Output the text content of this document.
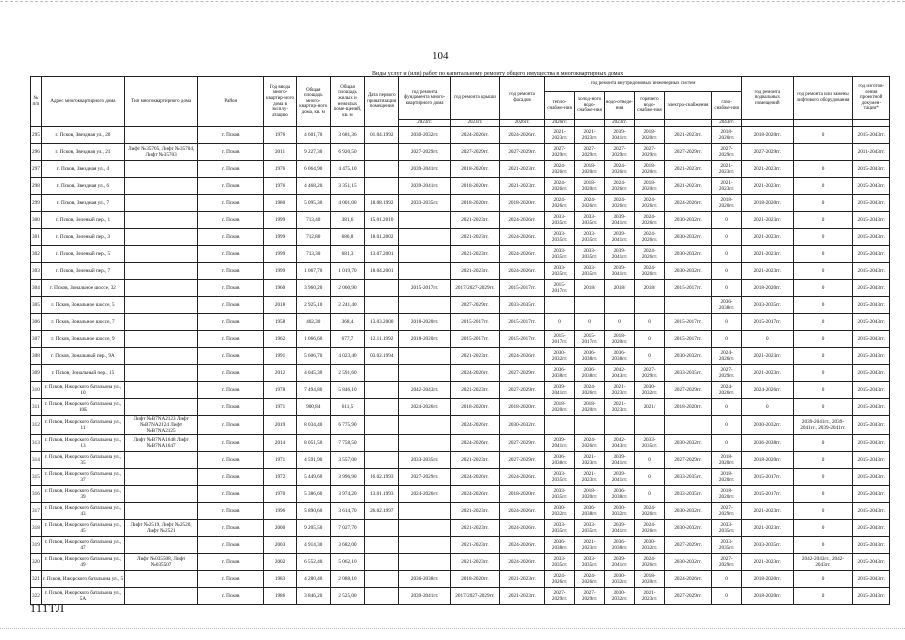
104
Виды услуг и (или) работ по капитальному ремонту общего имущества в многоквартирных домах
№ п/п	Адрес многоквартирного дома	Тип многоквартирного дома	Район	Год ввода много-квартир-ного дома в эксплу-атацию	Общая площадь много-квартир-ного дома, кв. м	Общая площадь жилых и нежилых поме-щений, кв. м	Дата первого приватизации помещения	год ремонта фундамента много-квартирного дома	год ремонта крыши	год ремонта фасадов	год ремонта внутридомовых инженерных систем						год ремонта подвальных помещений	год ремонта или замены лифтового оборудования	год изготов-ления проектной докумен-тации*
											тепло-снабже-ния	холод-ного водо-снабже-ния	водо-отведе-ния	горячего водо-снабже-ния	электро-снабжения	газо-снабже-ния			
								2023гг.	2023гг.	2026гг.	2026гг.		2023гг.			2043гг.			
295	г. Псков, Звездная ул., 20		г. Псков	1976	4 601,70	3 681,36	01.04.1992	2030-2032гг.	2024-2026гг.	2024-2026гг.	2021-2023гг.	2021-2023гг.	2039-2041гг.	2018-2020гг.	2021-2023гг.	2018-2020гг.	2018-2020гг.	0	2015-2043гг.
296	г. Псков, Звездная ул., 21	Лифт №35705, Лифт №35704, Лифт №35703	г. Псков	2011	9 227,30	6 920,50		2027-2029гг.	2027-2029гг.	2027-2029гг.	2027-2029гг.	2027-2029гг.	2027-2029гг.	2027-2029гг.	2027-2029гг.	2027-2029гг.	2027-2029гг.		2011-2043гг.
297	г. Псков, Звездная ул., 4		г. Псков	1976	6 064,90	4 475,10		2039-2041гг.	2018-2020гг.	2021-2023гг.	2024-2026гг.	2018-2020гг.	2024-2026гг.	2018-2020гг.	2021-2023гг.	2021-2023гг.	2021-2023гг.	0	2015-2043гг.
298	г. Псков, Звездная ул., 6		г. Псков	1976	4 468,20	3 351,15		2039-2041гг.	2018-2020гг.	2021-2023гг.	2024-2026гг.	2018-2020гг.	2024-2026гг.	2018-2020гг.	2021-2023гг.	2021-2023гг.	2021-2023гг.	0	2015-2043гг.
299	г. Псков, Звездная ул., 7		г. Псков	1980	5 095,30	4 001,00	18.08.1992	2033-2035гг.	2018-2020гг.	2018-2020гг.	2024-2026гг.	2024-2026гг.	2024-2026гг.	2024-2026гг.	2024-2026гг.	2018-2020гг.	2018-2020гг.	0	2015-2043гг.
300	г. Псков, Зеленый пер., 1		г. Псков	1999	713,40	381,6	15.01.2010		2021-2023гг.	2024-2026гг.	2033-2035гг.	2033-2035гг.	2039-2041гг.	2024-2026гг.	2030-2032гг.	0	2021-2023гг.	0	2015-2043гг.
301	г. Псков, Зеленый пер., 3		г. Псков	1999	712,80	680,8	18.01.2002		2021-2023гг.	2024-2026гг.	2033-2035гг.	2033-2035гг.	2039-2041гг.	2024-2026гг.	2030-2032гг.	0	2021-2023гг.	0	2015-2043гг.
302	г. Псков, Зеленый пер., 5		г. Псков	1999	713,30	681,3	13.07.2001		2021-2023гг.	2024-2026гг.	2033-2035гг.	2033-2035гг.	2039-2041гг.	2024-2026гг.	2030-2032гг.	0	2021-2023гг.	0	2015-2043гг.
303	г. Псков, Зеленый пер., 7		г. Псков	1999	1 067,70	1 019,70	18.04.2001		2021-2023гг.	2024-2026гг.	2033-2035гг.	2033-2035гг.	2039-2041гг.	2024-2026гг.	2030-2032гг.	0	2021-2023гг.	0	2015-2043гг.
304	г. Псков, Зональное шоссе, 32		г. Псков	1960	3 960,20	2 000,90		2015-2017гг.	2017/2027-2029гг.	2015-2017гг.	2015-2017гг.	2018/	2018/	2018/	2015-2017гг.	0	2018-2020гг.	0	2015-2043гг.
305	г. Псков, Зональное шоссе, 5		г. Псков	2018	2 925,10	2 241,40			2027-2029гг.	2033-2035гг.						2036-2038гг.	2033-2035гг.	0	2015-2043гг.
306	г. Псков, Зональное шоссе, 7		г. Псков	1958	402,30	368,4	13.03.2000	2018-2020гг.	2015-2017гг.	2015-2017гг.	0	0	0	0	2015-2017гг.	0	2015-2017гг.	0	2015-2043гг.
307	г. Псков, Зональное шоссе, 9		г. Псков	1962	1 066,60	677,7	12.11.1992	2018-2020гг.	2015-2017гг.	2015-2017гг.	2015-2017гг.	2015-2017гг.	2018-2020гг.	0	2015-2017гг.	0	0	0	2015-2043гг.
308	г. Псков, Зональный пер., 9А		г. Псков	1991	5 606,70	4 023,40	03.02.1994		2021-2023гг.	2024-2026гг.	2030-2032гг.	2036-2038гг.	2036-2038гг.	0	2030-2032гг.	2024-2026гг.	2021-2023гг.	0	2015-2043гг.
309	г. Псков, Зональный пер., 15		г. Псков	2012	4 045,30	2 591,60			2024-2026гг.	2027-2029гг.	2036-2038гг.	2036-2038гг.	2042-2043гг.	2027-2029гг.	2033-2035гг.	2027-2029гг.	2021-2023гг.	0	2015-2043гг.
310	г. Псков, Ижорского батальона ул., 10		г. Псков	1978	7 494,80	5 846,10		2042-2043гг.	2021-2023гг.	2027-2029гг.	2039-2041гг.	2024-2026гг.	2021-2023гг.	2030-2032гг.	2027-2029гг.	2024-2026гг.	2024-2026гг.	0	2015-2043гг.
311	г. Псков, Ижорского батальона ул., 10Б		г. Псков	1971	900,84	611,5		2024-2026гг.	2018-2020гг.	2018-2020гг.	2018-2020гг.	2018-2020гг.	2021-2023гг.	2021/	2018-2020гг.	0	0	0	2015-2043гг.
312	г. Псков, Ижорского батальона ул., 11	Лифт №В7NА2123 Лифт №В7NА2124 Лифт №В7NА2125	г. Псков	2019	8 034,40	6 775,90			2024-2026гг.	2030-2032гг.						0	2030-2032гг.	2039-2041гг., 2039-2041гг., 2039-2041гг.	2015-2043гг.
313	г. Псков, Ижорского батальона ул., 13	Лифт №В7NА1648 Лифт №В7NА1647	г. Псков	2014	8 051,50	7 758,50			2024-2026гг.	2027-2029гг.	2039-2041гг.	2024-2026гг.	2042-2043гг.	2033-2035гг.	2030-2032гг.	0	2036-2038гг.	0	2015-2043гг.
314	г. Псков, Ижорского батальона ул., 35		г. Псков	1971	4 591,90	3 557,00		2033-2035гг.	2021-2023гг.	2027-2029гг.	2036-2038гг.	2021-2023гг.	2039-2041гг.	0	2027-2029гг.	2018-2020гг.	2018-2020гг.	0	2015-2043гг.
315	г. Псков, Ижорского батальона ул., 37		г. Псков	1972	5 449,60	3 996,90	16.02.1993	2027-2029гг.	2024-2026гг.	2024-2026гг.	2033-2035гг.	2021-2023гг.	2039-2041гг.	0	2033-2035гг.	2018-2020гг.	2015-2017гг.	0	2015-2043гг.
316	г. Псков, Ижорского батальона ул., 39		г. Псков	1970	5 386,60	3 974,20	13.01.1993	2024-2026гг.	2024-2026гг.	2018-2020гг.	2033-2035гг.	2018-2020гг.	2036-2038гг.	0	2033-2035гг.	2018-2020гг.	2015-2017гг.	0	2015-2043гг.
317	г. Псков, Ижорского батальона ул., 43		г. Псков	1996	5 890,60	3 614,70	26.02.1997		2021-2023гг.	2024-2026гг.	2030-2032гг.	2036-2038гг.	2030-2032гг.	2024-2026гг.	2030-2032гг.	2027-2029гг.	2021-2023гг.	0	2015-2043гг.
318	г. Псков, Ижорского батальона ул., 45	Лифт №2519, Лифт №2520, Лифт №2521	г. Псков	2000	9 205,50	7 027,70			2021-2023гг.	2024-2026гг.	2033-2035гг.	2033-2035гг.	2039-2041гг.	2024-2026гг.	2030-2032гг.	2033-2035гг.	2021-2023гг.	0	2015-2043гг.
319	г. Псков, Ижорского батальона ул., 47		г. Псков	2003	4 914,30	3 682,00			2021-2023гг.	2024-2026гг.	2036-2038гг.	2021-2023гг.	2036-2038гг.	2030-2032гг.	2027-2029гг.	2033-2035гг.	2033-2035гг.	0	2015-2043гг.
320	г. Псков, Ижорского батальона ул., 49	Лифт №035508, Лифт №035507	г. Псков	2002	6 552,40	5 062,10			2021-2023гг.	2024-2026гг.	2033-2035гг.	2033-2035гг.	2039-2041гг.	2024-2026гг.	2030-2032гг.	2027-2029гг.	2021-2023гг.	2042-2043гг., 2042-2043гг.	2015-2043гг.
321	г. Псков, Ижорского батальона ул., 5		г. Псков	1983	4 280,40	2 088,10		2036-2038гг.	2018-2020гг.	2021-2023гг.	2024-2026гг.	2024-2026гг.	2030-2032гг.	2018-2020гг.	2024-2026гг.	0	2018-2020гг.	0	2015-2043гг.
322	г. Псков, Ижорского батальона ул., 5А		г. Псков	1986	3 846,20	2 525,00		2039-2041гг.	2017/2027-2029гг.	2021-2023гг.	2027-2029гг.	2027-2029гг.	2030-2032гг.	2021-2023гг.	2027-2029гг.	0	2018-2020гг.	0	2015-2043гг.
111ТЛ
